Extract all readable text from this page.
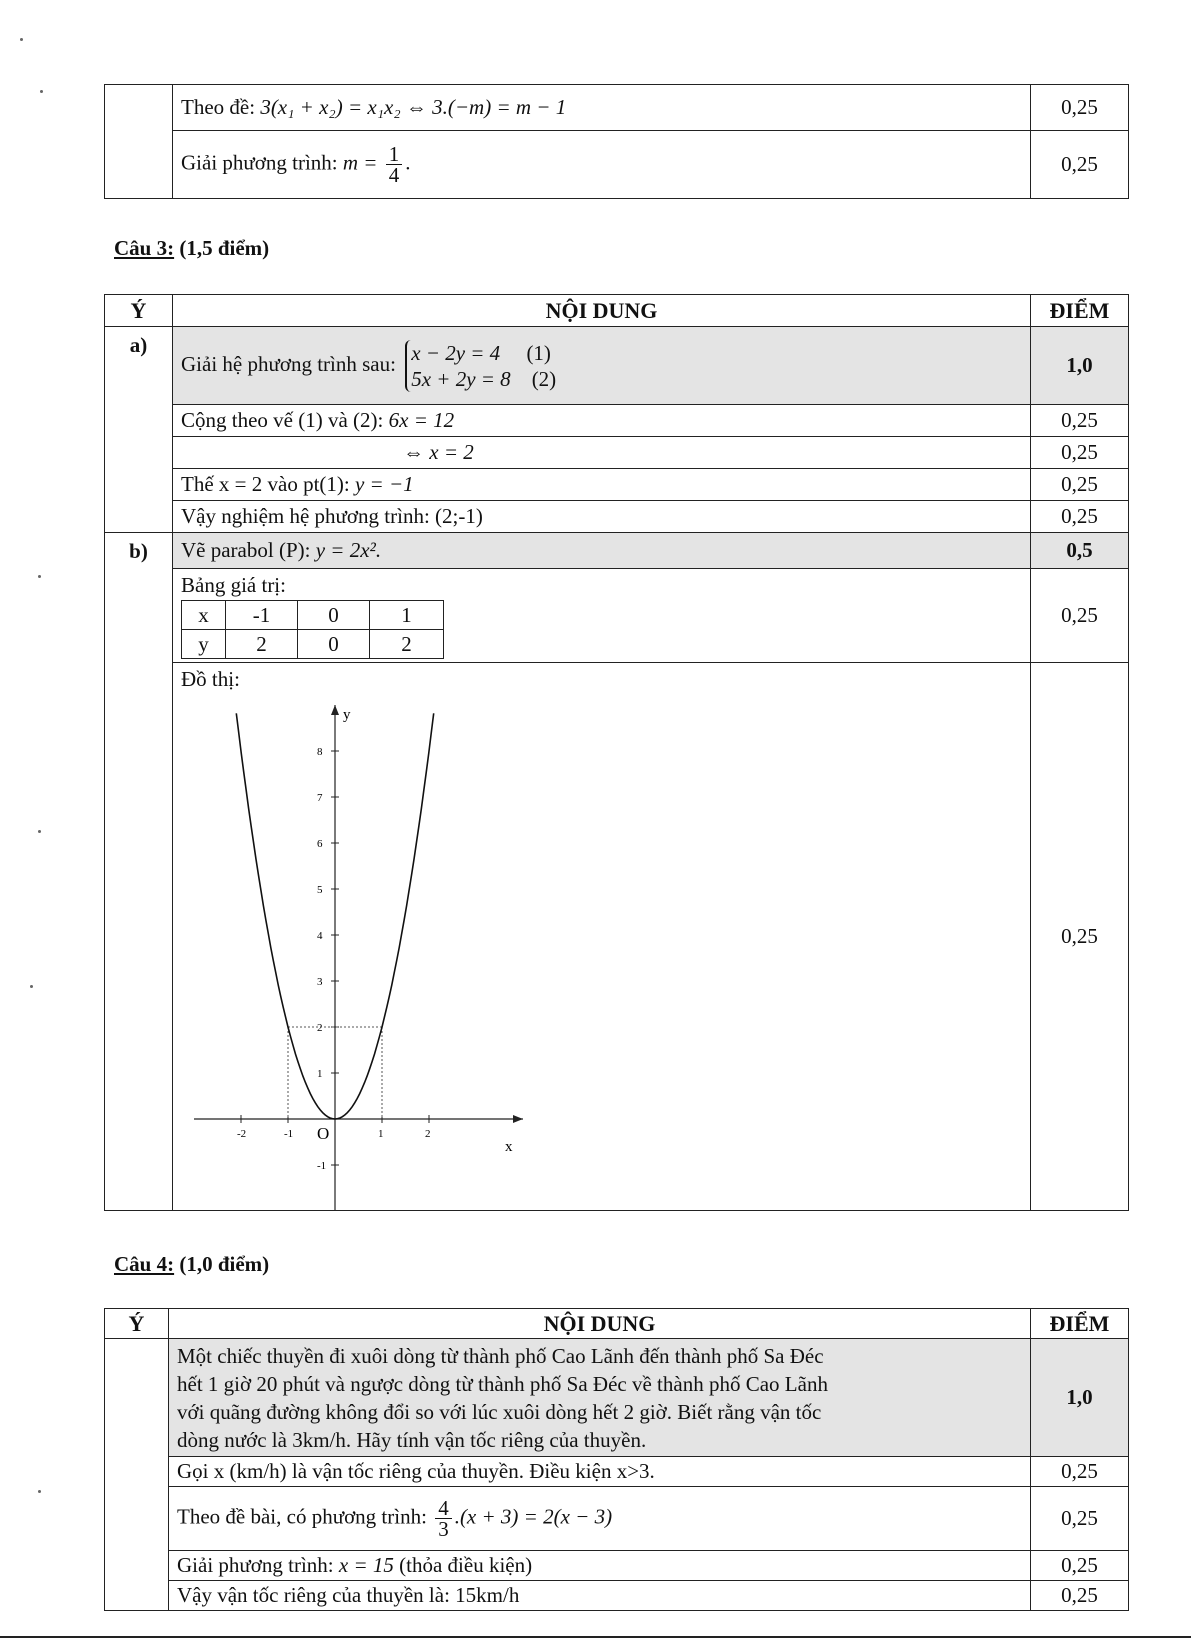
	Theo đề: 3(x₁ + x₂) = x₁x₂ ⇔ 3.(−m) = m − 1	0,25
	Giải phương trình: $m = \frac{1}{4}$ .	0,25
Câu 3: (1,5 điểm)
Ý	NỘI DUNG	ĐIỂM
a)	Giải hệ phương trình sau: x − 2y = 4 (1)
5x + 2y = 8 (2)	1,0
Cộng theo vế (1) và (2): 6x = 12	0,25
⇔ x = 2	0,25
Thế x = 2 vào pt(1): y = −1	0,25
Vậy nghiệm hệ phương trình: (2;-1)	0,25
b)	Vẽ parabol (P): y = 2x².	0,5

Bảng giá trị:
x	-1	0	1
y	2	0	2
	0,25

Đồ thị:
x
y
O
-2	-1	1	2
-1
1
2
3
4
5
6
7
8
	0,25
Câu 4: (1,0 điểm)
Ý	NỘI DUNG	ĐIỂM

	Một chiếc thuyền đi xuôi dòng từ thành phố Cao Lãnh đến thành phố Sa Đéc
hết 1 giờ 20 phút và ngược dòng từ thành phố Sa Đéc về thành phố Cao Lãnh
với quãng đường không đổi so với lúc xuôi dòng hết 2 giờ. Biết rằng vận tốc
dòng nước là 3km/h. Hãy tính vận tốc riêng của thuyền.	1,0
	Gọi x (km/h) là vận tốc riêng của thuyền. Điều kiện x>3.	0,25
	Theo đề bài, có phương trình: $\frac{4}{3} .(x + 3) = 2(x - 3)$	0,25
	Giải phương trình: x = 15 (thỏa điều kiện)	0,25
	Vậy vận tốc riêng của thuyền là: 15km/h	0,25
